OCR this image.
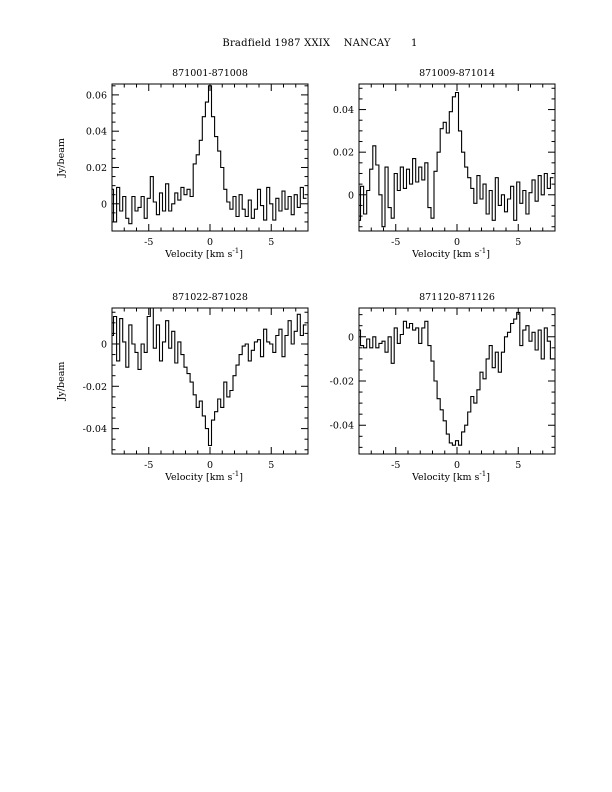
Bradfield 1987 XXIX    NANCAY      1
871001-871008
-5	0	5
0
0.02
0.04
0.06
Velocity [km $s^{-1}$]
Jy/beam
871009-871014
-5	0	5
0
0.02
0.04
Velocity [km $s^{-1}$]
871022-871028
-5	0	5
0
-0.02
-0.04
Velocity [km $s^{-1}$]
Jy/beam
871120-871126
-5	0	5
0
-0.02
-0.04
Velocity [km $s^{-1}$]
